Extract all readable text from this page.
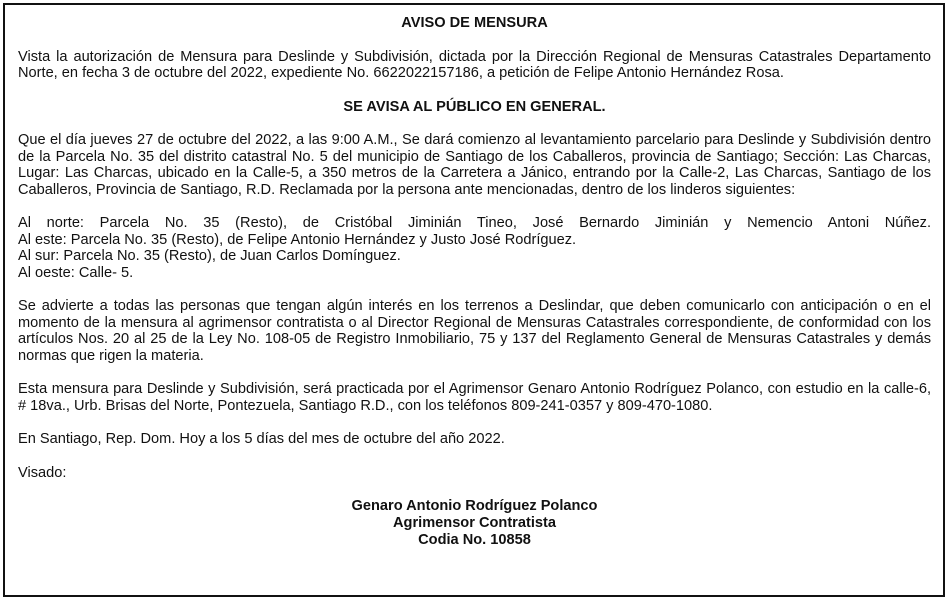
AVISO DE MENSURA

Vista la autorización de Mensura para Deslinde y Subdivisión, dictada por la Dirección Regional de Mensuras Catastrales Departamento Norte, en fecha 3 de octubre del 2022, expediente No. 6622022157186, a petición de Felipe Antonio Hernández Rosa.

SE AVISA AL PÚBLICO EN GENERAL.

Que el día jueves 27 de octubre del 2022, a las 9:00 A.M., Se dará comienzo al levantamiento parcelario para Deslinde y Subdivisión dentro de la Parcela No. 35 del distrito catastral No. 5 del municipio de Santiago de los Caballeros, provincia de Santiago; Sección: Las Charcas, Lugar: Las Charcas, ubicado en la Calle-5, a 350 metros de la Carretera a Jánico, entrando por la Calle-2, Las Charcas, Santiago de los Caballeros, Provincia de Santiago, R.D. Reclamada por la persona ante mencionadas, dentro de los linderos siguientes:

Al norte: Parcela No. 35 (Resto), de Cristóbal Jiminián Tineo, José Bernardo Jiminián y Nemencio Antoni Núñez.
Al este: Parcela No. 35 (Resto), de Felipe Antonio Hernández y Justo José Rodríguez.
Al sur: Parcela No. 35 (Resto), de Juan Carlos Domínguez.
Al oeste: Calle- 5.

Se advierte a todas las personas que tengan algún interés en los terrenos a Deslindar, que deben comunicarlo con anticipación o en el momento de la mensura al agrimensor contratista o al Director Regional de Mensuras Catastrales correspondiente, de conformidad con los artículos Nos. 20 al 25 de la Ley No. 108-05 de Registro Inmobiliario, 75 y 137 del Reglamento General de Mensuras Catastrales y demás normas que rigen la materia.

Esta mensura para Deslinde y Subdivisión, será practicada por el Agrimensor Genaro Antonio Rodríguez Polanco, con estudio en la calle-6, # 18va., Urb. Brisas del Norte, Pontezuela, Santiago R.D., con los teléfonos 809-241-0357 y 809-470-1080.

En Santiago, Rep. Dom. Hoy a los 5 días del mes de octubre del año 2022.

Visado:

Genaro Antonio Rodríguez Polanco
Agrimensor Contratista
Codia No. 10858
